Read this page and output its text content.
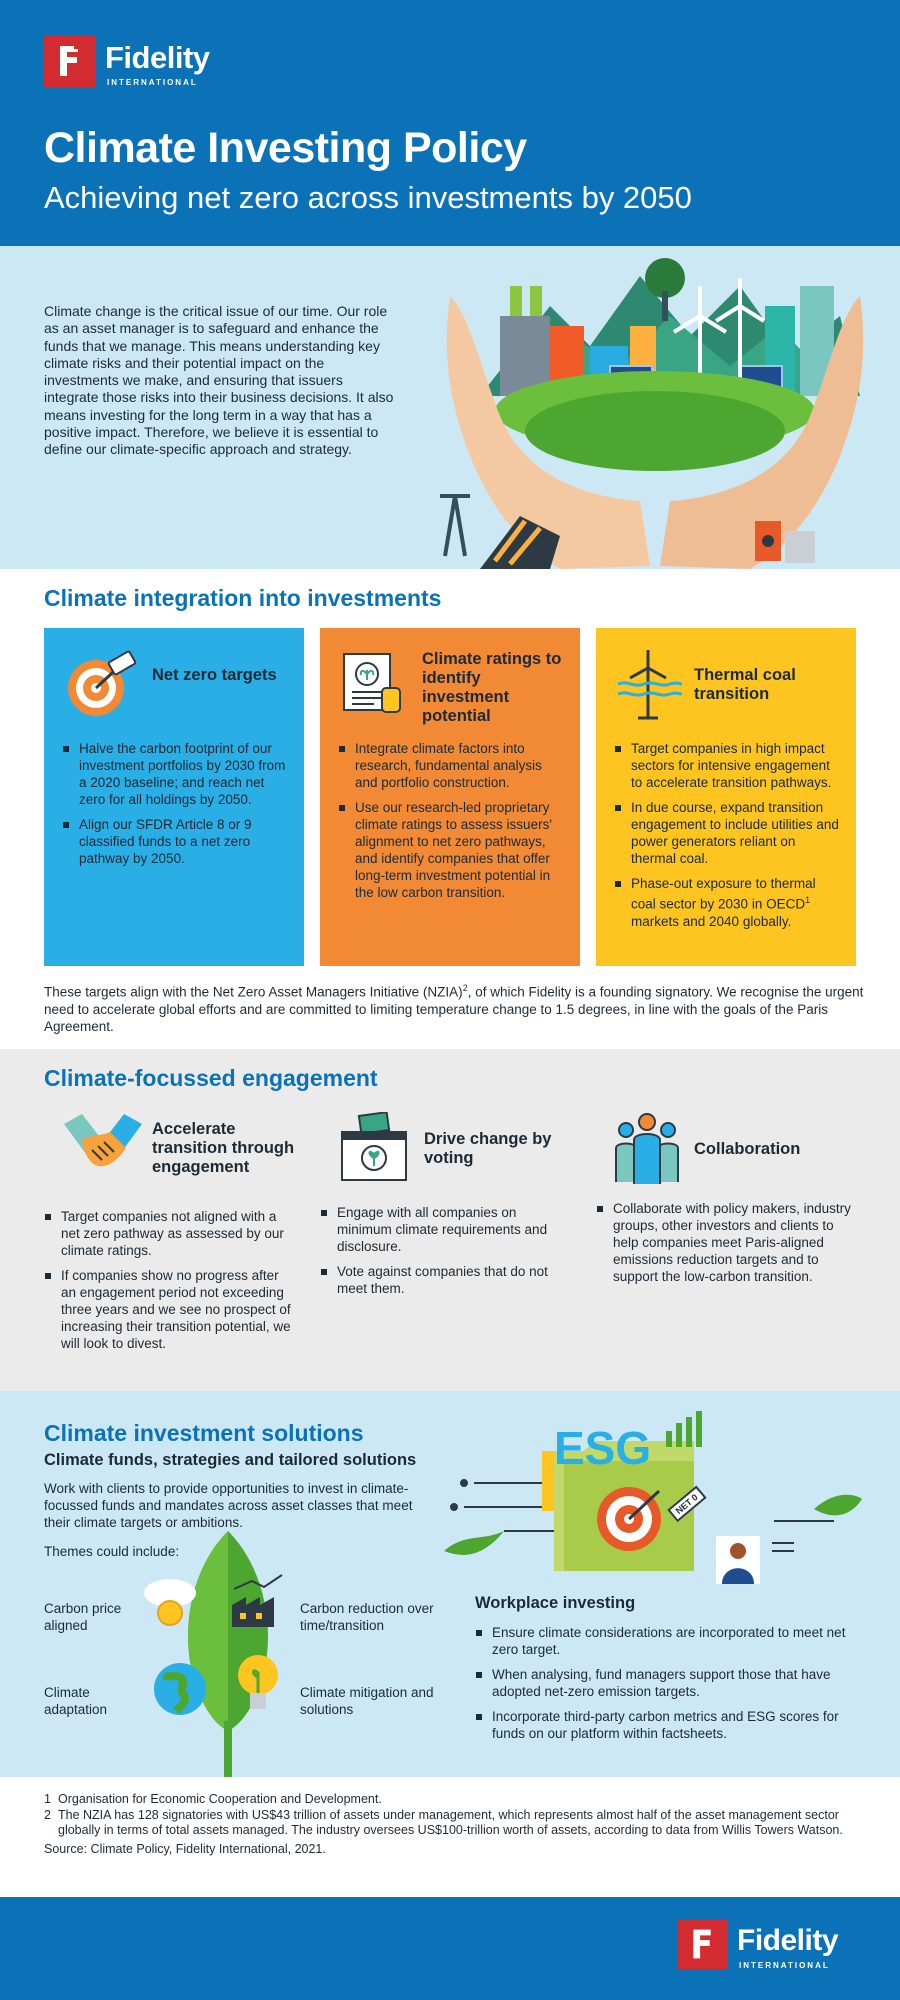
Fidelity
INTERNATIONAL
Climate Investing Policy
Achieving net zero across investments by 2050
Climate change is the critical issue of our time. Our role as an asset manager is to safeguard and enhance the funds that we manage. This means understanding key climate risks and their potential impact on the investments we make, and ensuring that issuers integrate those risks into their business decisions. It also means investing for the long term in a way that has a positive impact. Therefore, we believe it is essential to define our climate-specific approach and strategy.
Climate integration into investments
Net zero targets
Halve the carbon footprint of our investment portfolios by 2030 from a 2020 baseline; and reach net zero for all holdings by 2050.
Align our SFDR Article 8 or 9 classified funds to a net zero pathway by 2050.
Climate ratings to identify investment potential
Integrate climate factors into research, fundamental analysis and portfolio construction.
Use our research-led proprietary climate ratings to assess issuers' alignment to net zero pathways, and identify companies that offer long-term investment potential in the low carbon transition.
Thermal coal transition
Target companies in high impact sectors for intensive engagement to accelerate transition pathways.
In due course, expand transition engagement to include utilities and power generators reliant on thermal coal.
Phase-out exposure to thermal coal sector by 2030 in OECD$^1$ markets and 2040 globally.
These targets align with the Net Zero Asset Managers Initiative (NZIA)$^2$, of which Fidelity is a founding signatory. We recognise the urgent need to accelerate global efforts and are committed to limiting temperature change to 1.5 degrees, in line with the goals of the Paris Agreement.
Climate-focussed engagement
Accelerate transition through engagement
Target companies not aligned with a net zero pathway as assessed by our climate ratings.
If companies show no progress after an engagement period not exceeding three years and we see no prospect of increasing their transition potential, we will look to divest.
Drive change by voting
Engage with all companies on minimum climate requirements and disclosure.
Vote against companies that do not meet them.
Collaboration
Collaborate with policy makers, industry groups, other investors and clients to help companies meet Paris-aligned emissions reduction targets and to support the low-carbon transition.
ESG
NET 0
Climate investment solutions
Climate funds, strategies and tailored solutions
Work with clients to provide opportunities to invest in climate-focussed funds and mandates across asset classes that meet their climate targets or ambitions.
Themes could include:
Carbon price aligned
Carbon reduction over time/transition
Climate adaptation
Climate mitigation and solutions
Workplace investing
Ensure climate considerations are incorporated to meet net zero target.
When analysing, fund managers support those that have adopted net-zero emission targets.
Incorporate third-party carbon metrics and ESG scores for funds on our platform within factsheets.
1 Organisation for Economic Cooperation and Development.
2 The NZIA has 128 signatories with US$43 trillion of assets under management, which represents almost half of the asset management sector globally in terms of total assets managed. The industry oversees US$100-trillion worth of assets, according to data from Willis Towers Watson.
Source: Climate Policy, Fidelity International, 2021.
Fidelity
INTERNATIONAL
